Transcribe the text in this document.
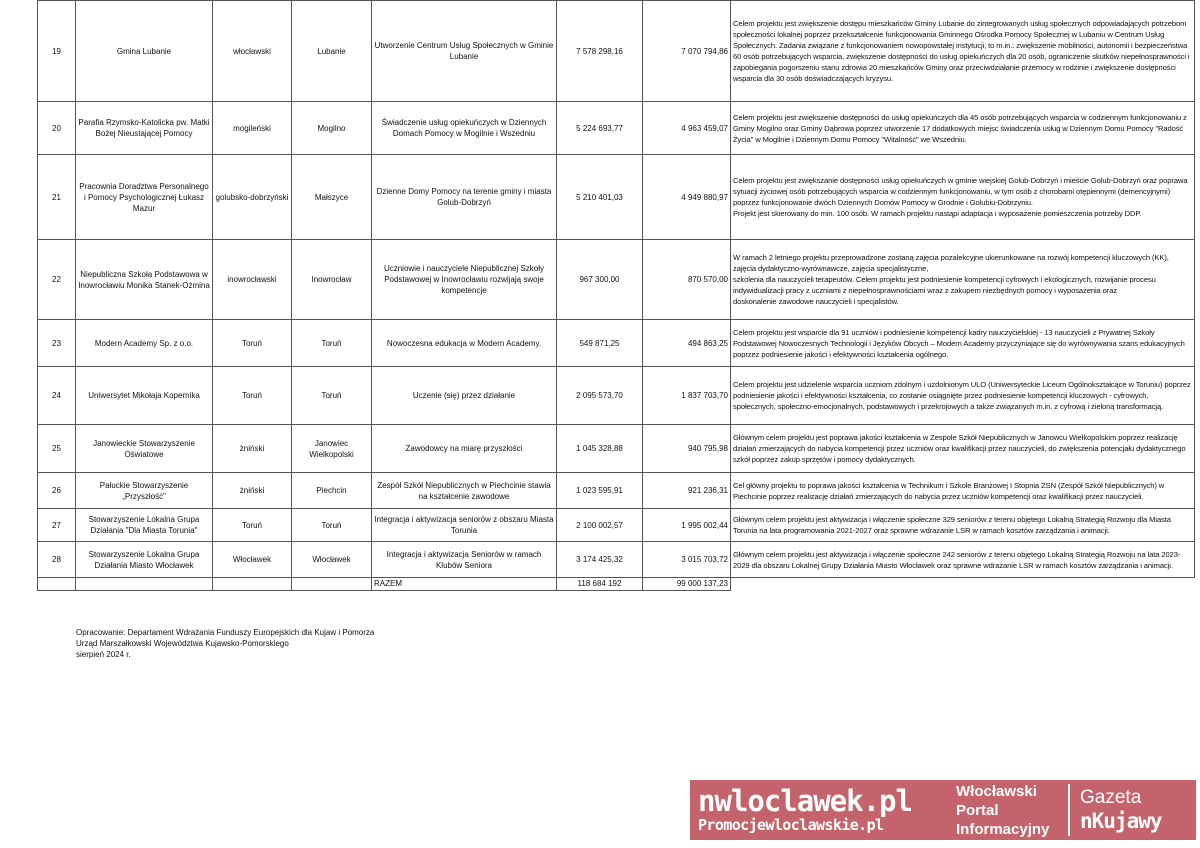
19	Gmina Lubanie	włocławski	Lubanie	Utworzenie Centrum Usług Społecznych w Gminie Lubanie	7 578 298,16	7 070 794,86	Celem projektu jest zwiększenie dostępu mieszkańców Gminy Lubanie do zintegrowanych usług społecznych odpowiadających potrzebom społeczności lokalnej poprzez przekształcenie funkcjonowania Gminnego Ośrodka Pomocy Społecznej w Lubaniu w Centrum Usług Społecznych. Zadania związane z funkcjonowaniem nowopowstałej instytucji, to m.in.: zwiększenie mobilności, autonomii i bezpieczeństwa 60 osób potrzebujących wsparcia, zwiększenie dostępności do usług opiekuńczych dla 20 osób, ograniczenie skutków niepełnosprawności i zapobiegania pogorszeniu stanu zdrowia 20 mieszkańców Gminy oraz przeciwdziałanie przemocy w rodzinie i zwiększenie dostępności wsparcia dla 30 osób doświadczających kryzysu.
20	Parafia Rzymsko-Katolicka pw. Matki Bożej Nieustającej Pomocy	mogileński	Mogilno	Świadczenie usług opiekuńczych w Dziennych Domach Pomocy w Mogilnie i Wszedniu	5 224 693,77	4 963 459,07	Celem projektu jest zwiększenie dostępności do usług opiekuńczych dla 45 osób potrzebujących wsparcia w codziennym funkcjonowaniu z Gminy Mogilno oraz Gminy Dąbrowa poprzez utworzenie 17 dodatkowych miejsc świadczenia usług w Dziennym Domu Pomocy "Radość Życia" w Mogilnie i Dziennym Domu Pomocy "Witalność" we Wszedniu.
21	Pracownia Doradztwa Personalnego i Pomocy Psychologicznej Łukasz Mazur	golubsko-dobrzyński	Małszyce	Dzienne Domy Pomocy na terenie gminy i miasta Golub-Dobrzyń	5 210 401,03	4 949 880,97	Celem projektu jest zwiększanie dostępności usług opiekuńczych w gminie wiejskiej Golub-Dobrzyń i mieście Golub-Dobrzyń oraz poprawa sytuacji życiowej osób potrzebujących wsparcia w codziennym funkcjonowaniu, w tym osób z chorobami otępiennymi (demencyjnymi) poprzez funkcjonowanie dwóch Dziennych Domów Pomocy w Grodnie i Golubiu-Dobrzyniu.
Projekt jest skierowany do min. 100 osób. W ramach projektu nastąpi adaptacja i wyposażenie pomieszczenia potrzeby DDP.

22	Niepubliczna Szkoła Podstawowa w Inowrocławiu Monika Stanek-Ożmina	inowrocławski	Inowrocław	Uczniowie i nauczyciele Niepublicznej Szkoły Podstawowej w Inowrocławiu rozwijają swoje kompetencje	967 300,00	870 570,00	W ramach 2 letniego projektu przeprowadzone zostaną zajęcia pozalekcyjne ukierunkowane na rozwój kompetencji kluczowych (KK), zajęcia dydaktyczno-wyrównawcze, zajęcia specjalistyczne,
szkolenia dla nauczycieli terapeutów. Celem projektu jest podniesienie kompetencji cyfrowych i ekologicznych, rozwijanie procesu indywidualizacji pracy z uczniami z niepełnosprawnościami wraz z zakupem niezbędnych pomocy i wyposażenia oraz
doskonalenie zawodowe nauczycieli i specjalistów.

23	Modern Academy Sp. z o.o.	Toruń	Toruń	Nowoczesna edukacja w Modern Academy.	549 871,25	494 863,25	Celem projektu jest wsparcie dla 91 uczniów i podniesienie kompetencji kadry nauczycielskiej - 13 nauczycieli z Prywatnej Szkoły Podstawowej Nowoczesnych Technologii i Języków Obcych – Modern Academy przyczyniające się do wyrównywania szans edukacyjnych poprzez podniesienie jakości i efektywności kształcenia ogólnego.
24	Uniwersytet Mikołaja Kopernika	Toruń	Toruń	Uczenie (się) przez działanie	2 095 573,70	1 837 703,70	Celem projektu jest udzielenie wsparcia uczniom zdolnym i uzdolnionym ULO (Uniwersyteckie Liceum Ogólnokształcące w Toruniu) poprzez podniesienie jakości i efektywności kształcenia, co zostanie osiągnięte przez podniesienie kompetencji kluczowych - cyfrowych, społecznych, społeczno-emocjonalnych, podstawowych i przekrojowych a także związanych m.in. z cyfrową i zieloną transformacją.
25	Janowieckie Stowarzyszenie Oświatowe	żniński	Janowiec Wielkopolski	Zawodowcy na miarę przyszłości	1 045 328,88	940 795,98	Głównym celem projektu jest poprawa jakości kształcenia w Zespole Szkół Niepublicznych w Janowcu Wielkopolskim poprzez realizację działań zmierzających do nabycia kompetencji przez uczniów oraz kwalifikacji przez nauczycieli, do zwiększenia potencjału dydaktycznego szkół poprzez zakup sprzętów i pomocy dydaktycznych.
26	Pałuckie Stowarzyszenie „Przyszłość”	żniński	Piechcin	Zespół Szkół Niepublicznych w Piechcinie stawia na kształcenie zawodowe	1 023 595,91	921 236,31	Cel główny projektu to poprawa jakości kształcenia w Technikum i Szkole Branżowej I Stopnia ZSN (Zespół Szkół Niepublicznych) w Piechcinie poprzez realizację działań zmierzających do nabycia przez uczniów kompetencji oraz kwalifikacji przez nauczycieli.
27	Stowarzyszenie Lokalna Grupa Działania "Dla Miasta Torunia"	Toruń	Toruń	Integracja i aktywizacja seniorów z obszaru Miasta Torunia	2 100 002,57	1 995 002,44	Głównym celem projektu jest aktywizacja i włączenie społeczne 329 seniorów z terenu objętego Lokalną Strategią Rozwoju dla Miasta Torunia na lata programowania 2021-2027 oraz sprawne wdrażanie LSR w ramach kosztów zarządzania i animacji.
28	Stowarzyszenie Lokalna Grupa Działania Miasto Włocławek	Włocławek	Włocławek	Integracja i aktywizacja Seniorów w ramach Klubów Seniora	3 174 425,32	3 015 703,72	Głównym celem projektu jest aktywizacja i włączenie społeczne 242 seniorów z terenu objętego Lokalną Strategią Rozwoju na lata 2023-2029 dla obszaru Lokalnej Grupy Działania Miasto Włocławek oraz sprawne wdrażanie LSR w ramach kosztów zarządzania i animacji.
				RAZEM	118 684 192	99 000 137,23	
Opracowanie: Departament Wdrażania Funduszy Europejskich dla Kujaw i Pomorza
Urząd Marszałkowski Województwa Kujawsko-Pomorskiego
sierpień 2024 r.
nwloclawek.pl
Promocjewloclawskie.pl
Włocławski
Portal
Informacyjny
Gazeta
nKujawy
